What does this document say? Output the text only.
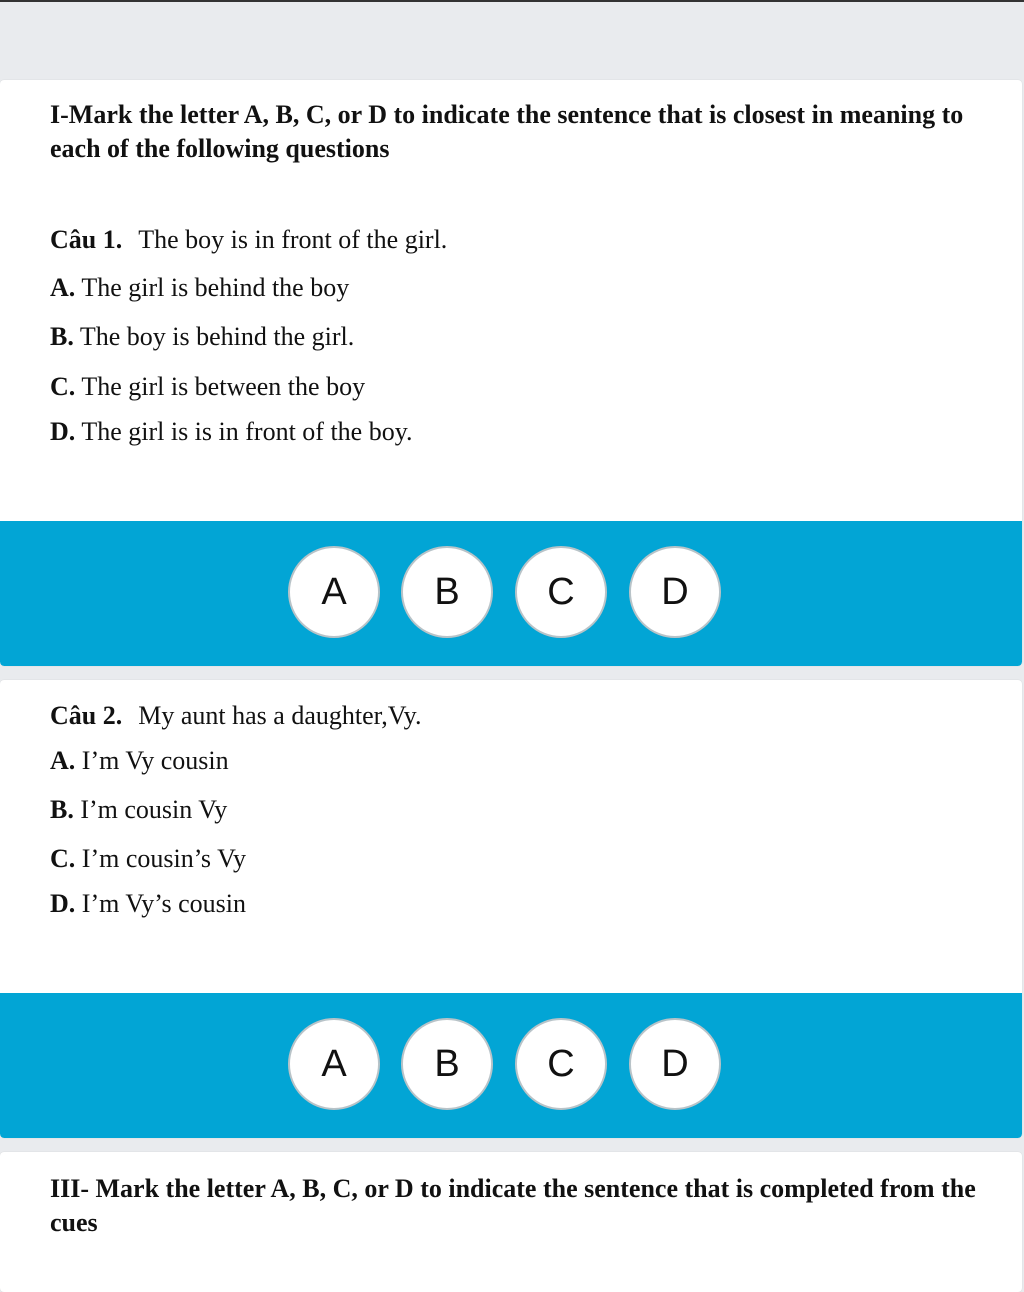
I-Mark the letter A, B, C, or D to indicate the sentence that is closest in meaning to each of the following questions

Câu 1. The boy is in front of the girl.
A. The girl is behind the boy
B. The boy is behind the girl.
C. The girl is between the boy
D. The girl is is in front of the boy.
A	B	C	D
Câu 2. My aunt has a daughter,Vy.
A. I’m Vy cousin
B. I’m cousin Vy
C. I’m cousin’s Vy
D. I’m Vy’s cousin
A	B	C	D

III- Mark the letter A, B, C, or D to indicate the sentence that is completed from the cues
